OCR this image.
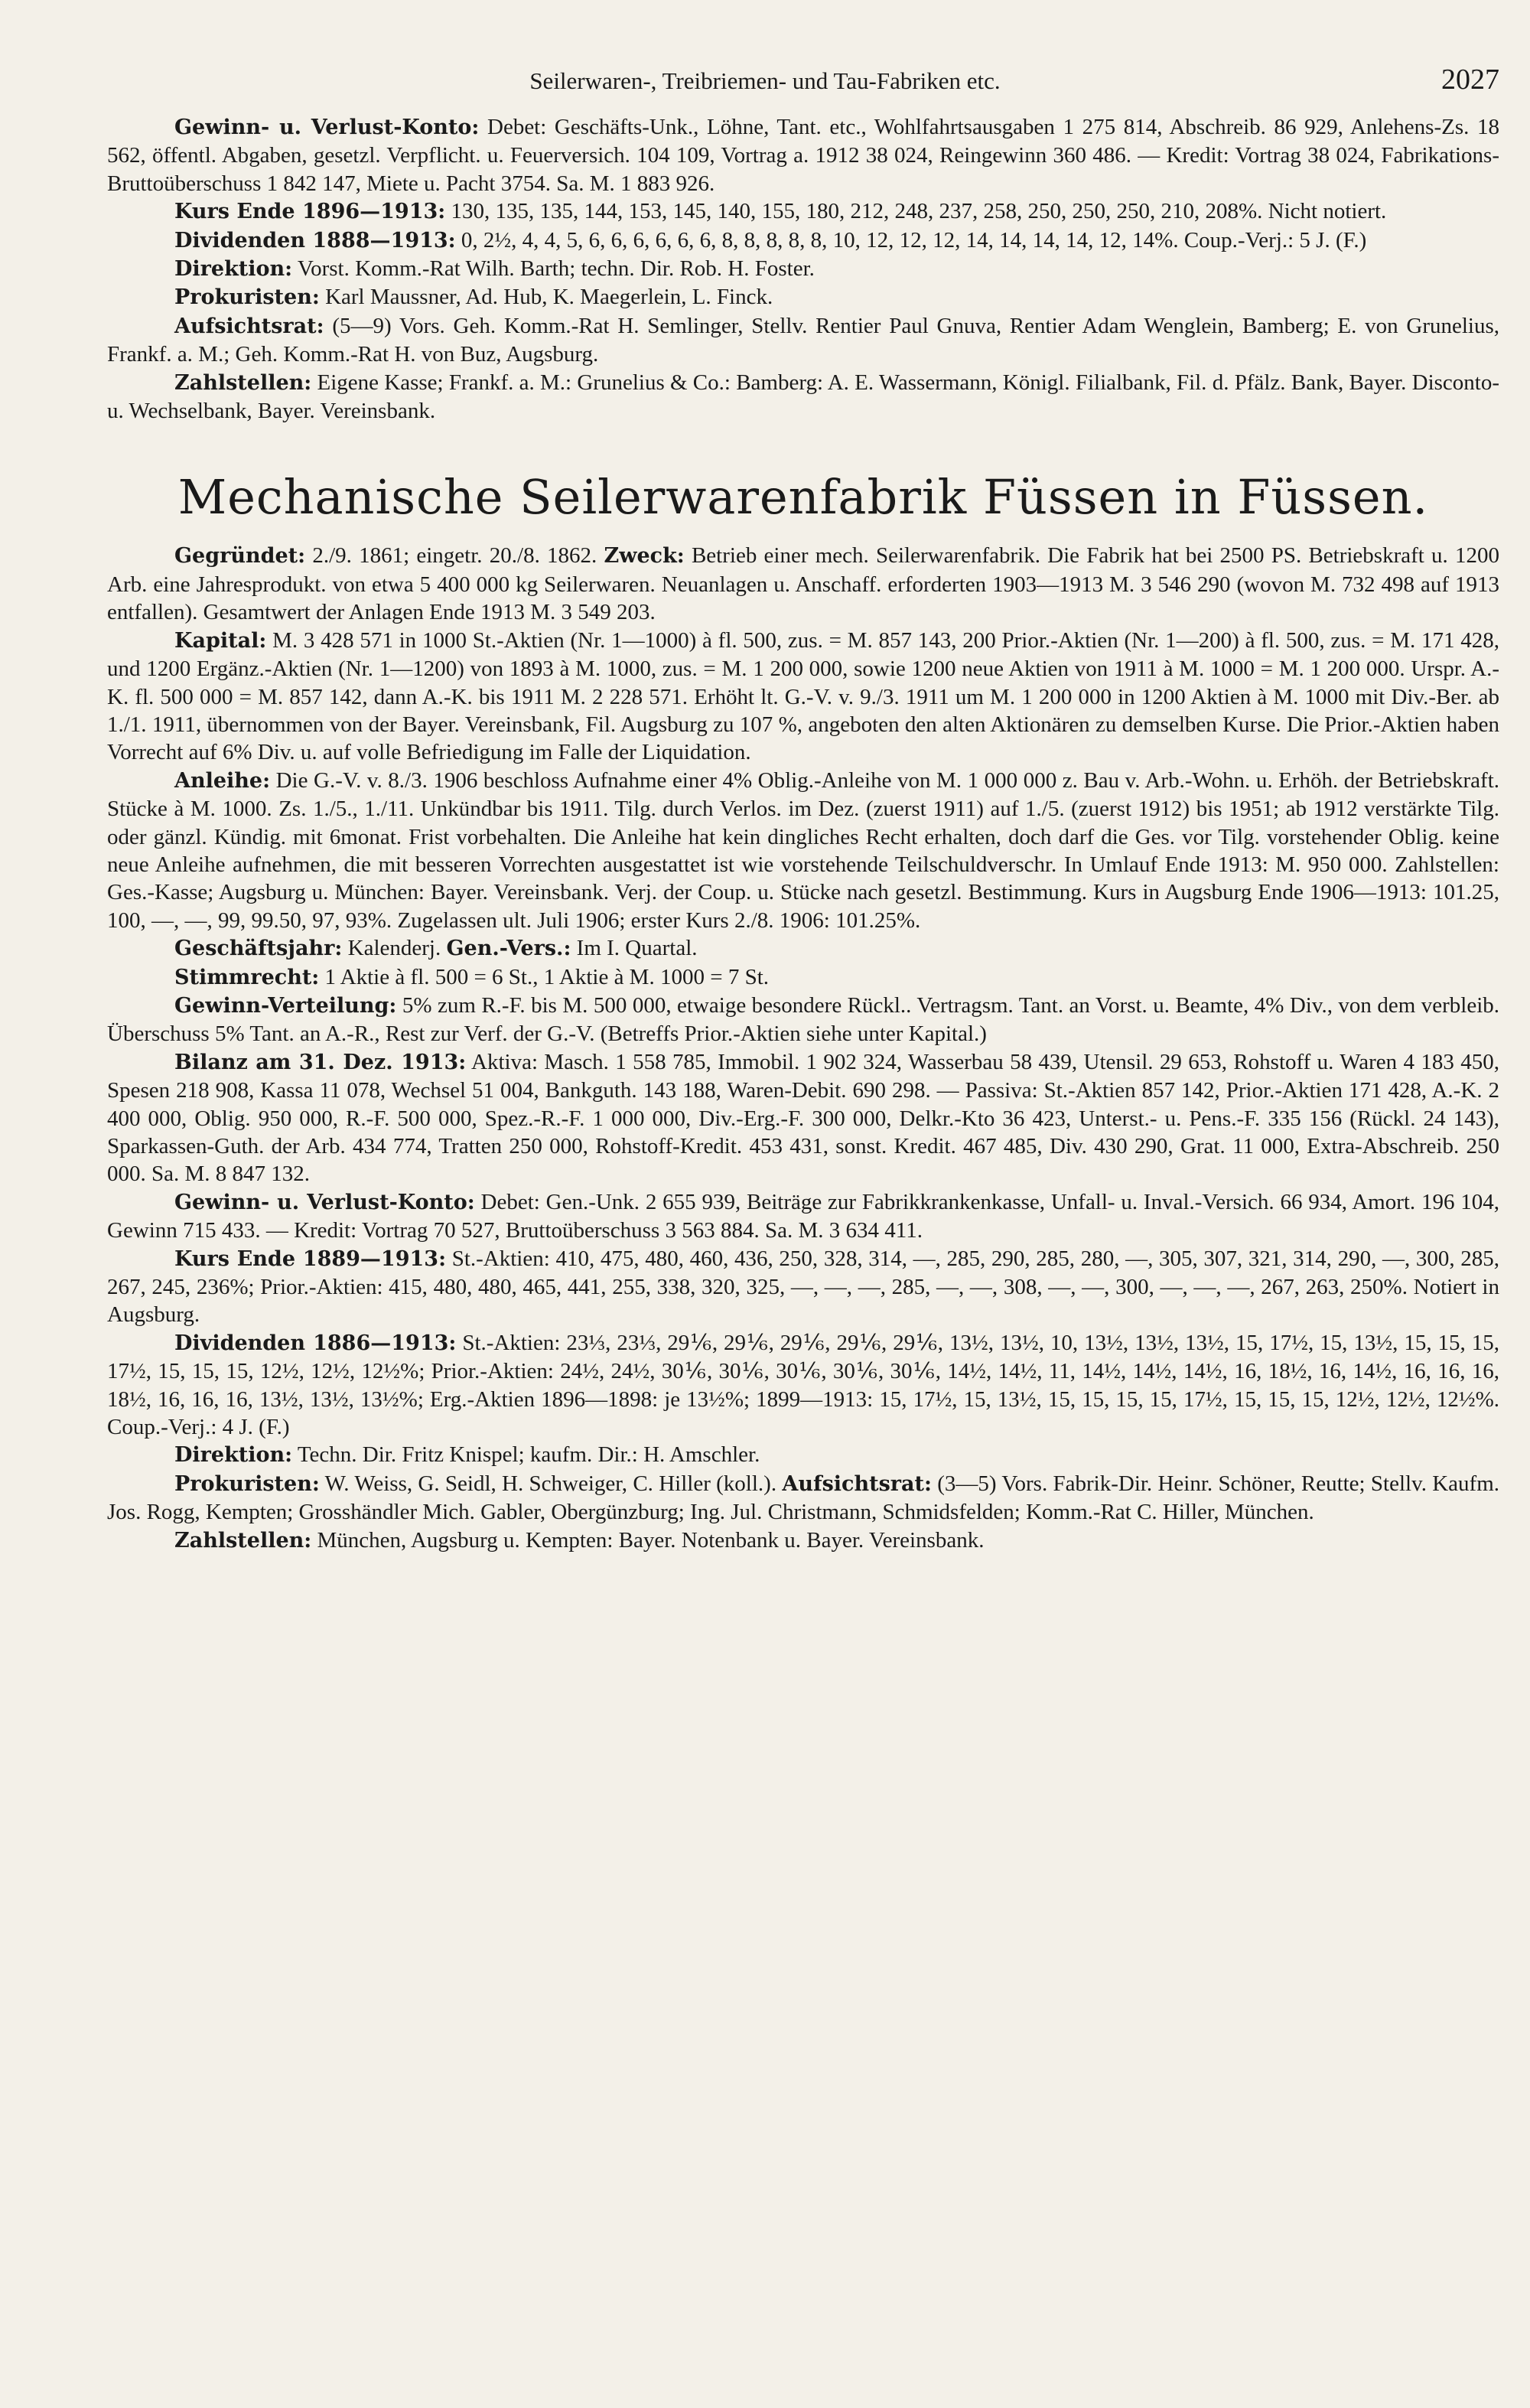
Seilerwaren-, Treibriemen- und Tau-Fabriken etc.	2027

Gewinn- u. Verlust-Konto: Debet: Geschäfts-Unk., Löhne, Tant. etc., Wohlfahrtsausgaben 1 275 814, Abschreib. 86 929, Anlehens-Zs. 18 562, öffentl. Abgaben, gesetzl. Verpflicht. u. Feuerversich. 104 109, Vortrag a. 1912 38 024, Reingewinn 360 486. — Kredit: Vortrag 38 024, Fabrikations-Bruttoüberschuss 1 842 147, Miete u. Pacht 3754. Sa. M. 1 883 926.

Kurs Ende 1896—1913: 130, 135, 135, 144, 153, 145, 140, 155, 180, 212, 248, 237, 258, 250, 250, 250, 210, 208%. Nicht notiert.

Dividenden 1888—1913: 0, 2½, 4, 4, 5, 6, 6, 6, 6, 6, 6, 8, 8, 8, 8, 8, 10, 12, 12, 12, 14, 14, 14, 14, 12, 14%. Coup.-Verj.: 5 J. (F.)

Direktion: Vorst. Komm.-Rat Wilh. Barth; techn. Dir. Rob. H. Foster.

Prokuristen: Karl Maussner, Ad. Hub, K. Maegerlein, L. Finck.

Aufsichtsrat: (5—9) Vors. Geh. Komm.-Rat H. Semlinger, Stellv. Rentier Paul Gnuva, Rentier Adam Wenglein, Bamberg; E. von Grunelius, Frankf. a. M.; Geh. Komm.-Rat H. von Buz, Augsburg.

Zahlstellen: Eigene Kasse; Frankf. a. M.: Grunelius & Co.: Bamberg: A. E. Wassermann, Königl. Filialbank, Fil. d. Pfälz. Bank, Bayer. Disconto- u. Wechselbank, Bayer. Vereinsbank.

Mechanische Seilerwarenfabrik Füssen in Füssen.

Gegründet: 2./9. 1861; eingetr. 20./8. 1862. Zweck: Betrieb einer mech. Seilerwarenfabrik. Die Fabrik hat bei 2500 PS. Betriebskraft u. 1200 Arb. eine Jahresprodukt. von etwa 5 400 000 kg Seilerwaren. Neuanlagen u. Anschaff. erforderten 1903—1913 M. 3 546 290 (wovon M. 732 498 auf 1913 entfallen). Gesamtwert der Anlagen Ende 1913 M. 3 549 203.

Kapital: M. 3 428 571 in 1000 St.-Aktien (Nr. 1—1000) à fl. 500, zus. = M. 857 143, 200 Prior.-Aktien (Nr. 1—200) à fl. 500, zus. = M. 171 428, und 1200 Ergänz.-Aktien (Nr. 1—1200) von 1893 à M. 1000, zus. = M. 1 200 000, sowie 1200 neue Aktien von 1911 à M. 1000 = M. 1 200 000. Urspr. A.-K. fl. 500 000 = M. 857 142, dann A.-K. bis 1911 M. 2 228 571. Erhöht lt. G.-V. v. 9./3. 1911 um M. 1 200 000 in 1200 Aktien à M. 1000 mit Div.-Ber. ab 1./1. 1911, übernommen von der Bayer. Vereinsbank, Fil. Augsburg zu 107 %, angeboten den alten Aktionären zu demselben Kurse. Die Prior.-Aktien haben Vorrecht auf 6% Div. u. auf volle Befriedigung im Falle der Liquidation.

Anleihe: Die G.-V. v. 8./3. 1906 beschloss Aufnahme einer 4% Oblig.-Anleihe von M. 1 000 000 z. Bau v. Arb.-Wohn. u. Erhöh. der Betriebskraft. Stücke à M. 1000. Zs. 1./5., 1./11. Unkündbar bis 1911. Tilg. durch Verlos. im Dez. (zuerst 1911) auf 1./5. (zuerst 1912) bis 1951; ab 1912 verstärkte Tilg. oder gänzl. Kündig. mit 6monat. Frist vorbehalten. Die Anleihe hat kein dingliches Recht erhalten, doch darf die Ges. vor Tilg. vorstehender Oblig. keine neue Anleihe aufnehmen, die mit besseren Vorrechten ausgestattet ist wie vorstehende Teilschuldverschr. In Umlauf Ende 1913: M. 950 000. Zahlstellen: Ges.-Kasse; Augsburg u. München: Bayer. Vereinsbank. Verj. der Coup. u. Stücke nach gesetzl. Bestimmung. Kurs in Augsburg Ende 1906—1913: 101.25, 100, —, —, 99, 99.50, 97, 93%. Zugelassen ult. Juli 1906; erster Kurs 2./8. 1906: 101.25%.

Geschäftsjahr: Kalenderj. Gen.-Vers.: Im I. Quartal.

Stimmrecht: 1 Aktie à fl. 500 = 6 St., 1 Aktie à M. 1000 = 7 St.

Gewinn-Verteilung: 5% zum R.-F. bis M. 500 000, etwaige besondere Rückl.. Vertragsm. Tant. an Vorst. u. Beamte, 4% Div., von dem verbleib. Überschuss 5% Tant. an A.-R., Rest zur Verf. der G.-V. (Betreffs Prior.-Aktien siehe unter Kapital.)

Bilanz am 31. Dez. 1913: Aktiva: Masch. 1 558 785, Immobil. 1 902 324, Wasserbau 58 439, Utensil. 29 653, Rohstoff u. Waren 4 183 450, Spesen 218 908, Kassa 11 078, Wechsel 51 004, Bankguth. 143 188, Waren-Debit. 690 298. — Passiva: St.-Aktien 857 142, Prior.-Aktien 171 428, A.-K. 2 400 000, Oblig. 950 000, R.-F. 500 000, Spez.-R.-F. 1 000 000, Div.-Erg.-F. 300 000, Delkr.-Kto 36 423, Unterst.- u. Pens.-F. 335 156 (Rückl. 24 143), Sparkassen-Guth. der Arb. 434 774, Tratten 250 000, Rohstoff-Kredit. 453 431, sonst. Kredit. 467 485, Div. 430 290, Grat. 11 000, Extra-Abschreib. 250 000. Sa. M. 8 847 132.

Gewinn- u. Verlust-Konto: Debet: Gen.-Unk. 2 655 939, Beiträge zur Fabrikkrankenkasse, Unfall- u. Inval.-Versich. 66 934, Amort. 196 104, Gewinn 715 433. — Kredit: Vortrag 70 527, Bruttoüberschuss 3 563 884. Sa. M. 3 634 411.

Kurs Ende 1889—1913: St.-Aktien: 410, 475, 480, 460, 436, 250, 328, 314, —, 285, 290, 285, 280, —, 305, 307, 321, 314, 290, —, 300, 285, 267, 245, 236%; Prior.-Aktien: 415, 480, 480, 465, 441, 255, 338, 320, 325, —, —, —, 285, —, —, 308, —, —, 300, —, —, —, 267, 263, 250%. Notiert in Augsburg.

Dividenden 1886—1913: St.-Aktien: 23⅓, 23⅓, 29⅙, 29⅙, 29⅙, 29⅙, 29⅙, 13½, 13½, 10, 13½, 13½, 13½, 15, 17½, 15, 13½, 15, 15, 15, 17½, 15, 15, 15, 12½, 12½, 12½%; Prior.-Aktien: 24½, 24½, 30⅙, 30⅙, 30⅙, 30⅙, 30⅙, 14½, 14½, 11, 14½, 14½, 14½, 16, 18½, 16, 14½, 16, 16, 16, 18½, 16, 16, 16, 13½, 13½, 13½%; Erg.-Aktien 1896—1898: je 13½%; 1899—1913: 15, 17½, 15, 13½, 15, 15, 15, 15, 17½, 15, 15, 15, 12½, 12½, 12½%. Coup.-Verj.: 4 J. (F.)

Direktion: Techn. Dir. Fritz Knispel; kaufm. Dir.: H. Amschler.

Prokuristen: W. Weiss, G. Seidl, H. Schweiger, C. Hiller (koll.). Aufsichtsrat: (3—5) Vors. Fabrik-Dir. Heinr. Schöner, Reutte; Stellv. Kaufm. Jos. Rogg, Kempten; Grosshändler Mich. Gabler, Obergünzburg; Ing. Jul. Christmann, Schmidsfelden; Komm.-Rat C. Hiller, München.

Zahlstellen: München, Augsburg u. Kempten: Bayer. Notenbank u. Bayer. Vereinsbank.
